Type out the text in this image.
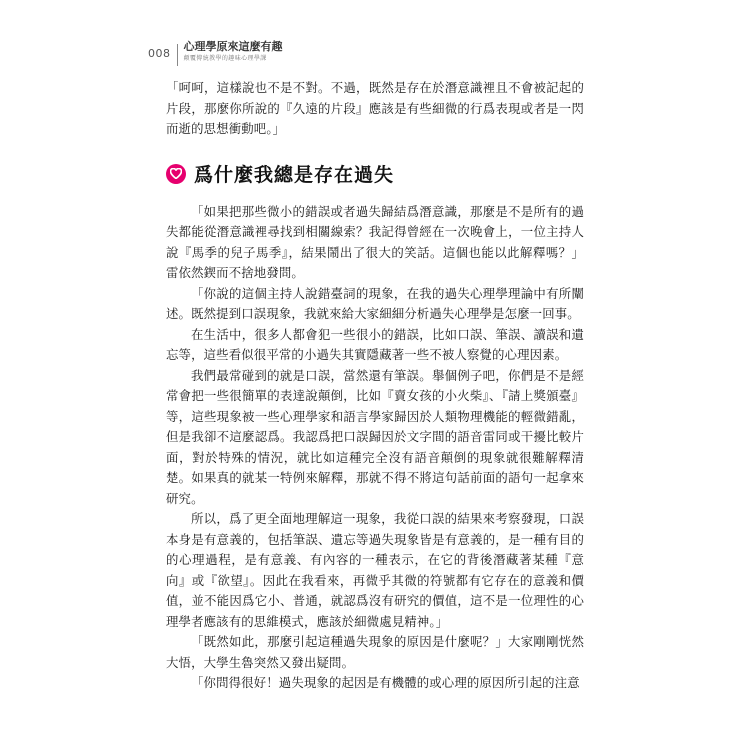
008
心理學原來這麼有趣
顛覆傳統教學的趣味心理學課

「呵呵，這樣說也不是不對。不過，既然是存在於潛意識裡且不會被記起的片段，那麼你所說的『久遠的片段』應該是有些細微的行爲表現或者是一閃而逝的思想衝動吧。」

爲什麼我總是存在過失

「如果把那些微小的錯誤或者過失歸結爲潛意識，那麼是不是所有的過失都能從潛意識裡尋找到相關線索？我記得曾經在一次晚會上，一位主持人說『馬季的兒子馬季』，結果鬧出了很大的笑話。這個也能以此解釋嗎？」雷依然鍥而不捨地發問。

「你說的這個主持人說錯臺詞的現象，在我的過失心理學理論中有所闡述。既然提到口誤現象，我就來給大家細細分析過失心理學是怎麼一回事。

在生活中，很多人都會犯一些很小的錯誤，比如口誤、筆誤、讀誤和遺忘等，這些看似很平常的小過失其實隱藏著一些不被人察覺的心理因素。

我們最常碰到的就是口誤，當然還有筆誤。舉個例子吧，你們是不是經常會把一些很簡單的表達說顛倒，比如『賣女孩的小火柴』、『請上獎頒臺』等，這些現象被一些心理學家和語言學家歸因於人類物理機能的輕微錯亂，但是我卻不這麼認爲。我認爲把口誤歸因於文字間的語音雷同或干擾比較片面，對於特殊的情況，就比如這種完全沒有語音顛倒的現象就很難解釋清楚。如果真的就某一特例來解釋，那就不得不將這句話前面的語句一起拿來研究。

所以，爲了更全面地理解這一現象，我從口誤的結果來考察發現，口誤本身是有意義的，包括筆誤、遺忘等過失現象皆是有意義的，是一種有目的的心理過程，是有意義、有內容的一種表示，在它的背後潛藏著某種『意向』或『欲望』。因此在我看來，再微乎其微的符號都有它存在的意義和價值，並不能因爲它小、普通，就認爲沒有研究的價值，這不是一位理性的心理學者應該有的思維模式，應該於細微處見精神。」

「既然如此，那麼引起這種過失現象的原因是什麼呢？」大家剛剛恍然大悟，大學生魯突然又發出疑問。

「你問得很好！過失現象的起因是有機體的或心理的原因所引起的注意
